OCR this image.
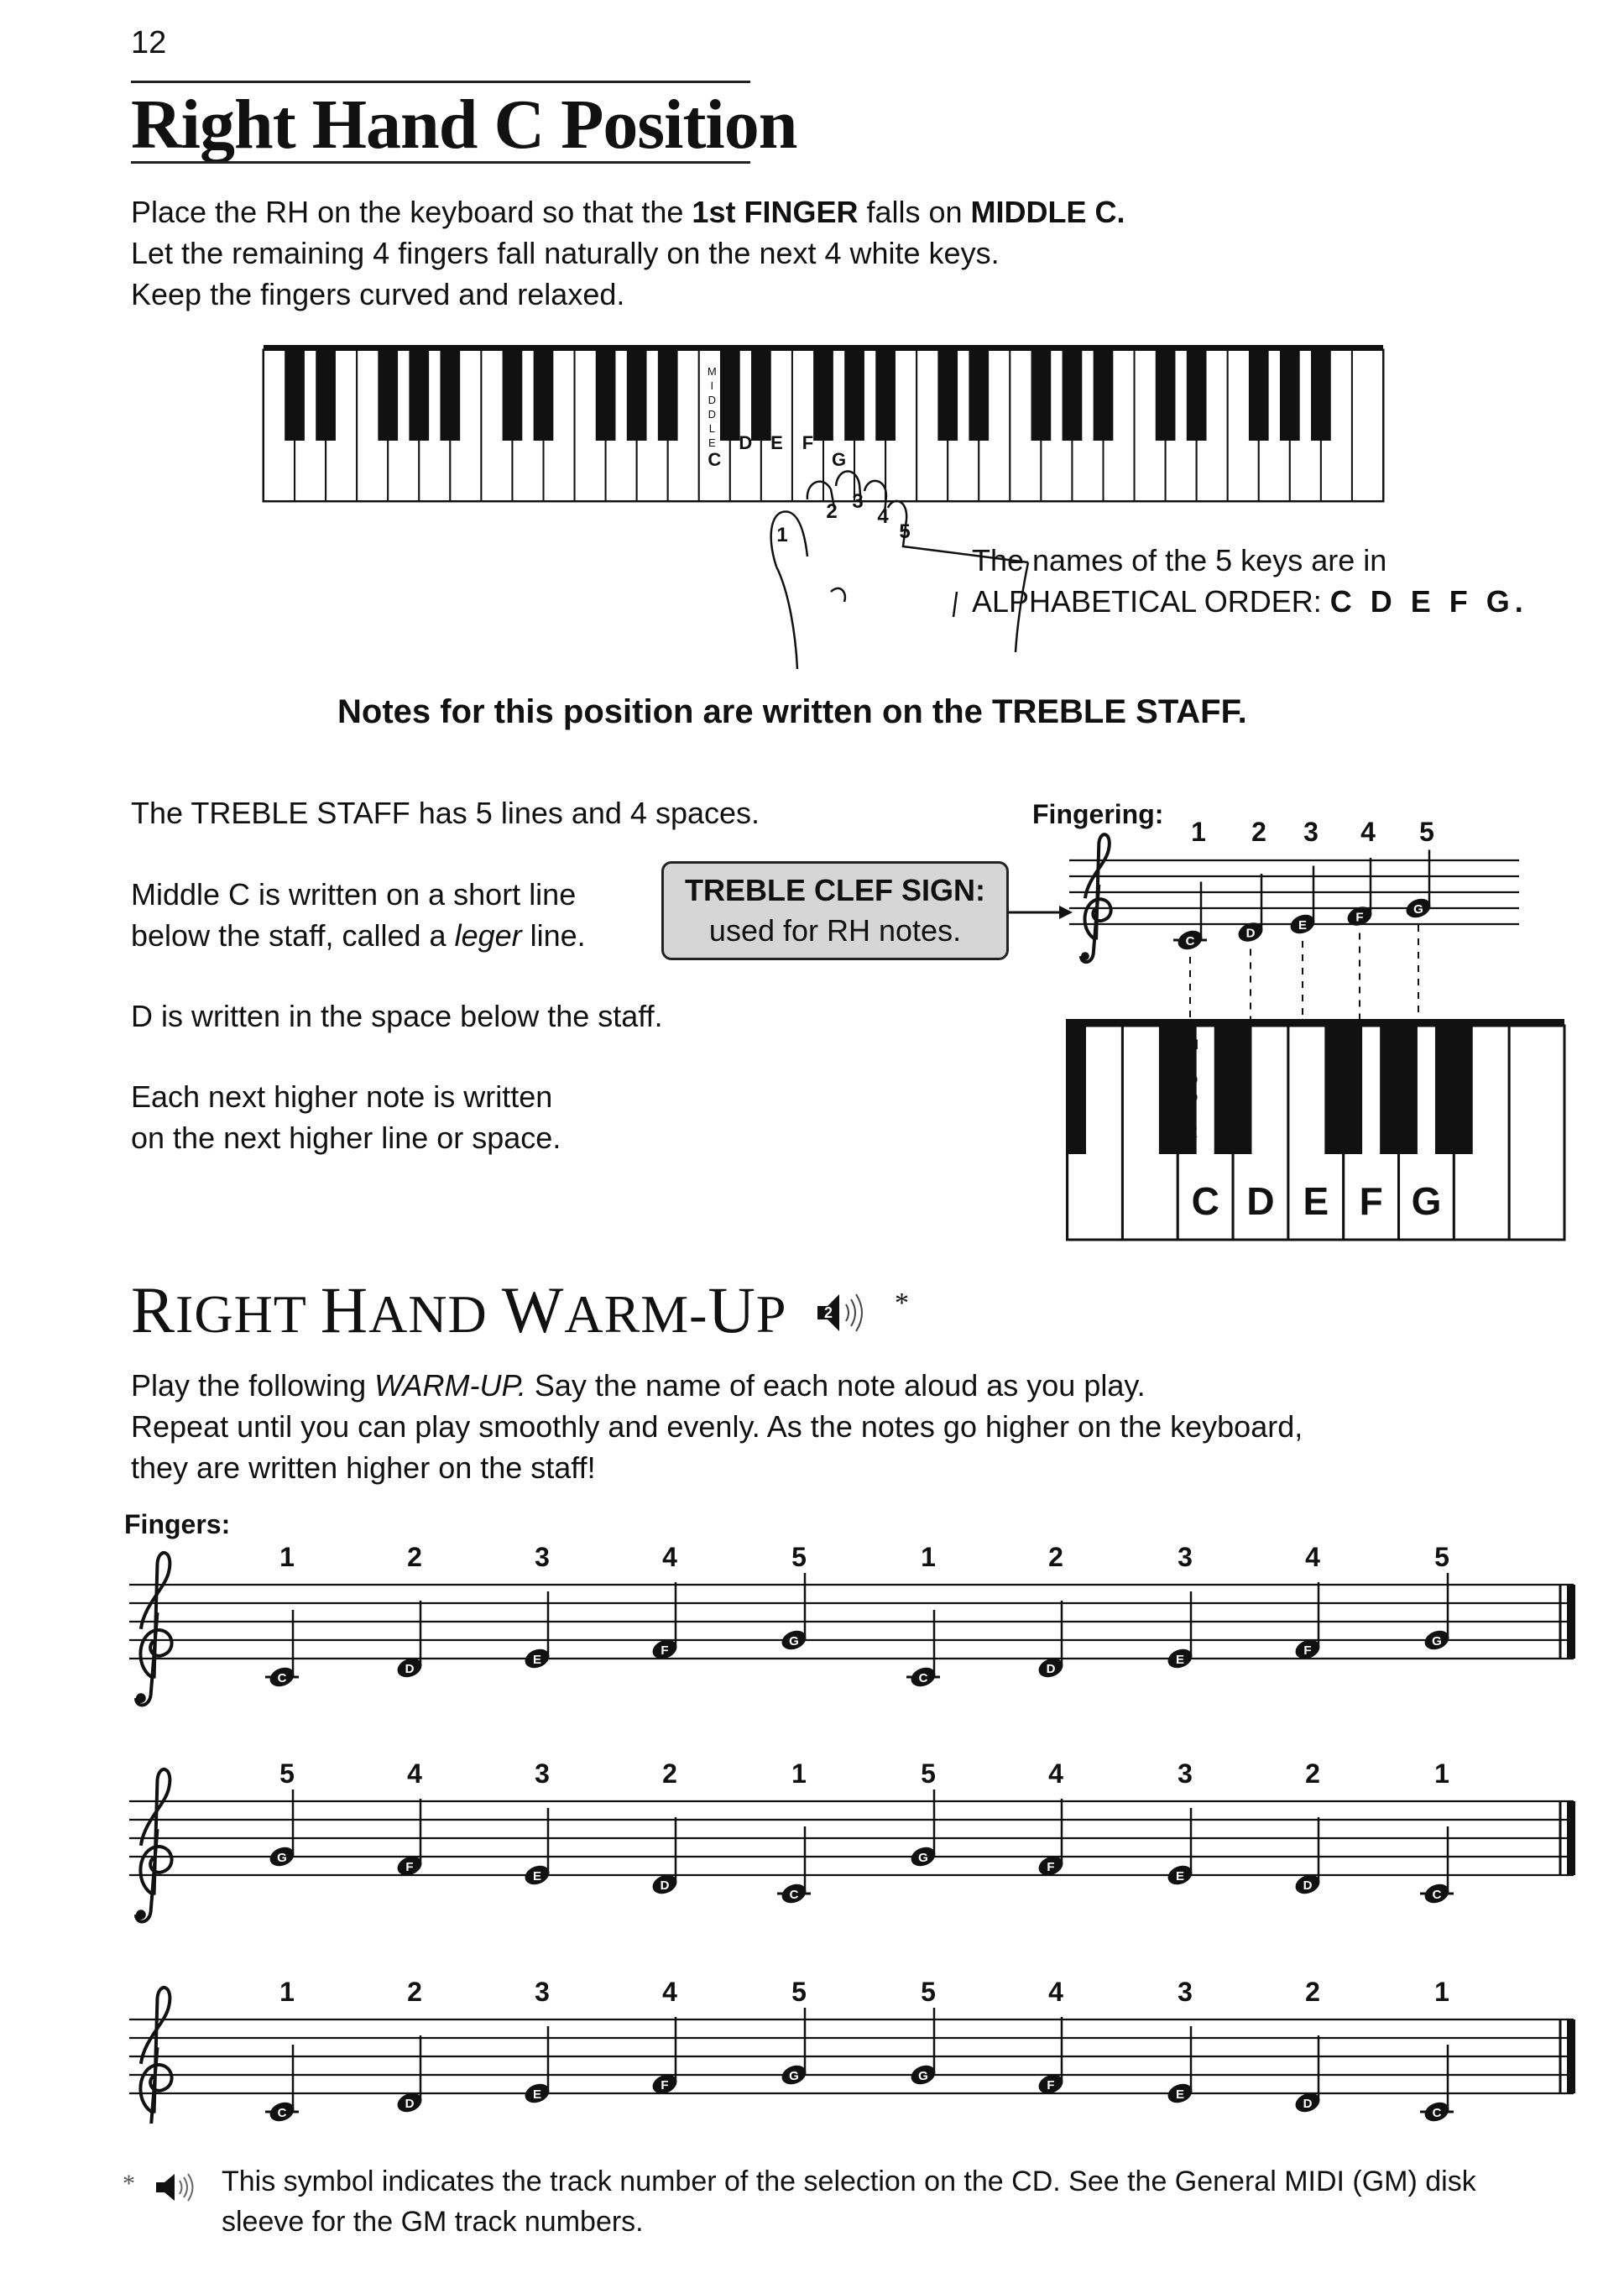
12
Right Hand C Position
Place the RH on the keyboard so that the 1st FINGER falls on MIDDLE C.
Let the remaining 4 fingers fall naturally on the next 4 white keys.
Keep the fingers curved and relaxed.
M
I
D
D
L
E
C
D E F
G
1
2 3
4
5
The names of the 5 keys are in
ALPHABETICAL ORDER: C D E F G.
Notes for this position are written on the TREBLE STAFF.
The TREBLE STAFF has 5 lines and 4 spaces.
Middle C is written on a short line
below the staff, called a leger line.
D is written in the space below the staff.
Each next higher note is written
on the next higher line or space.
TREBLE CLEF SIGN:
used for RH notes.
Fingering:
C
D
E
F
G
1 2 3 4 5
M
I
D
D
L
E
C D E F G
RIGHT HAND WARM-UP 2 *
Play the following WARM-UP. Say the name of each note aloud as you play.
Repeat until you can play smoothly and evenly. As the notes go higher on the keyboard,
they are written higher on the staff!
Fingers:
1	2	3	4	5	1	2	3	4	5
C
D
E
F
G
C
D
E
F
G
5	4	3	2	1	5	4	3	2	1
G
F
E
D
C
G
F
E
D
C
1	2	3	4	5	5	4	3	2	1
C
D
E
F
G	G
F
E
D
C
*	This symbol indicates the track number of the selection on the CD. See the General MIDI (GM) disk
sleeve for the GM track numbers.
